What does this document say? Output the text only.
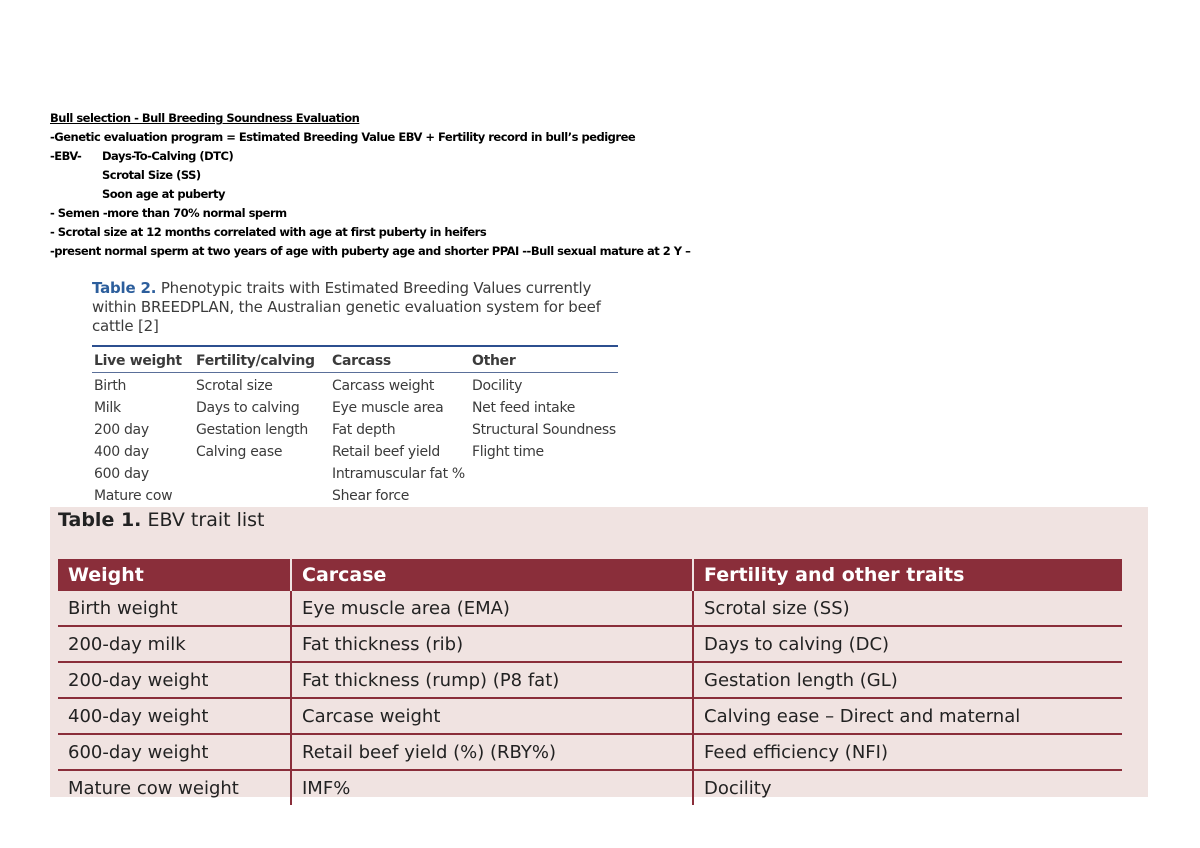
Bull selection - Bull Breeding Soundness Evaluation
-Genetic evaluation program = Estimated Breeding Value EBV + Fertility record in bull’s pedigree
-EBV- Days-To-Calving (DTC)
Scrotal Size (SS)
Soon age at puberty
- Semen -more than 70% normal sperm
- Scrotal size at 12 months correlated with age at first puberty in heifers
-present normal sperm at two years of age with puberty age and shorter PPAI --Bull sexual mature at 2 Y –
Table 2. Phenotypic traits with Estimated Breeding Values currently within BREEDPLAN, the Australian genetic evaluation system for beef cattle [2]
Live weight	Fertility/calving	Carcass	Other
Birth	Scrotal size	Carcass weight	Docility
Milk	Days to calving	Eye muscle area	Net feed intake
200 day	Gestation length	Fat depth	Structural Soundness
400 day	Calving ease	Retail beef yield	Flight time
600 day		Intramuscular fat %	
Mature cow		Shear force	
Table 1. EBV trait list
Weight	Carcase	Fertility and other traits
Birth weight	Eye muscle area (EMA)	Scrotal size (SS)
200-day milk	Fat thickness (rib)	Days to calving (DC)
200-day weight	Fat thickness (rump) (P8 fat)	Gestation length (GL)
400-day weight	Carcase weight	Calving ease – Direct and maternal
600-day weight	Retail beef yield (%) (RBY%)	Feed efficiency (NFI)
Mature cow weight	IMF%	Docility
